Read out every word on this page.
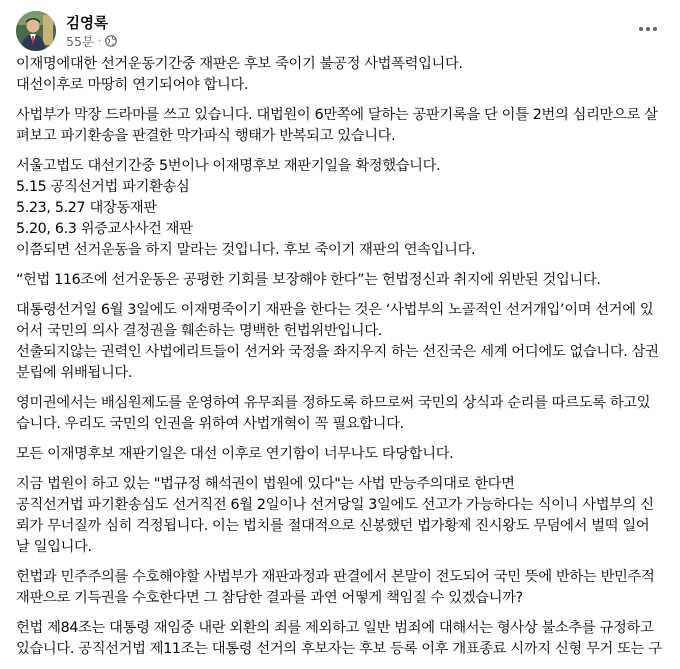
김영록
55분 ·

이재명에대한 선거운동기간중 재판은 후보 죽이기 불공정 사법폭력입니다.
대선이후로 마땅히 연기되어야 합니다.

사법부가 막장 드라마를 쓰고 있습니다. 대법원이 6만쪽에 달하는 공판기록을 단 이틀 2번의 심리만으로 살
펴보고 파기환송을 판결한 막가파식 행태가 반복되고 있습니다.

서울고법도 대선기간중 5번이나 이재명후보 재판기일을 확정했습니다.
5.15 공직선거법 파기환송심
5.23, 5.27 대장동재판
5.20, 6.3 위증교사사건 재판
이쯤되면 선거운동을 하지 말라는 것입니다. 후보 죽이기 재판의 연속입니다.

“헌법 116조에 선거운동은 공평한 기회를 보장해야 한다”는 헌법정신과 취지에 위반된 것입니다.

대통령선거일 6월 3일에도 이재명죽이기 재판을 한다는 것은 ‘사법부의 노골적인 선거개입’이며 선거에 있
어서 국민의 의사 결정권을 훼손하는 명백한 헌법위반입니다.
선출되지않는 권력인 사법에리트들이 선거와 국정을 좌지우지 하는 선진국은 세계 어디에도 없습니다. 삼권
분립에 위배됩니다.

영미권에서는 배심원제도를 운영하여 유무죄를 정하도록 하므로써 국민의 상식과 순리를 따르도록 하고있
습니다. 우리도 국민의 인권을 위하여 사법개혁이 꼭 필요합니다.

모든 이재명후보 재판기일은 대선 이후로 연기함이 너무나도 타당합니다.

지금 법원이 하고 있는 "법규정 해석권이 법원에 있다"는 사법 만능주의대로 한다면
공직선거법 파기환송심도 선거직전 6월 2일이나 선거당일 3일에도 선고가 가능하다는 식이니 사법부의 신
뢰가 무너질까 심히 걱정됩니다. 이는 법치를 절대적으로 신봉했던 법가황제 진시왕도 무덤에서 벌떡 일어
날 일입니다.

헌법과 민주주의를 수호해야할 사법부가 재판과정과 판결에서 본말이 전도되어 국민 뜻에 반하는 반민주적
재판으로 기득권을 수호한다면 그 참담한 결과를 과연 어떻게 책임질 수 있겠습니까?

헌법 제84조는 대통령 재임중 내란 외환의 죄를 제외하고 일반 범죄에 대해서는 형사상 불소추를 규정하고
있습니다. 공직선거법 제11조는 대통령 선거의 후보자는 후보 등록 이후 개표종료 시까지 신형 무거 또는 구
